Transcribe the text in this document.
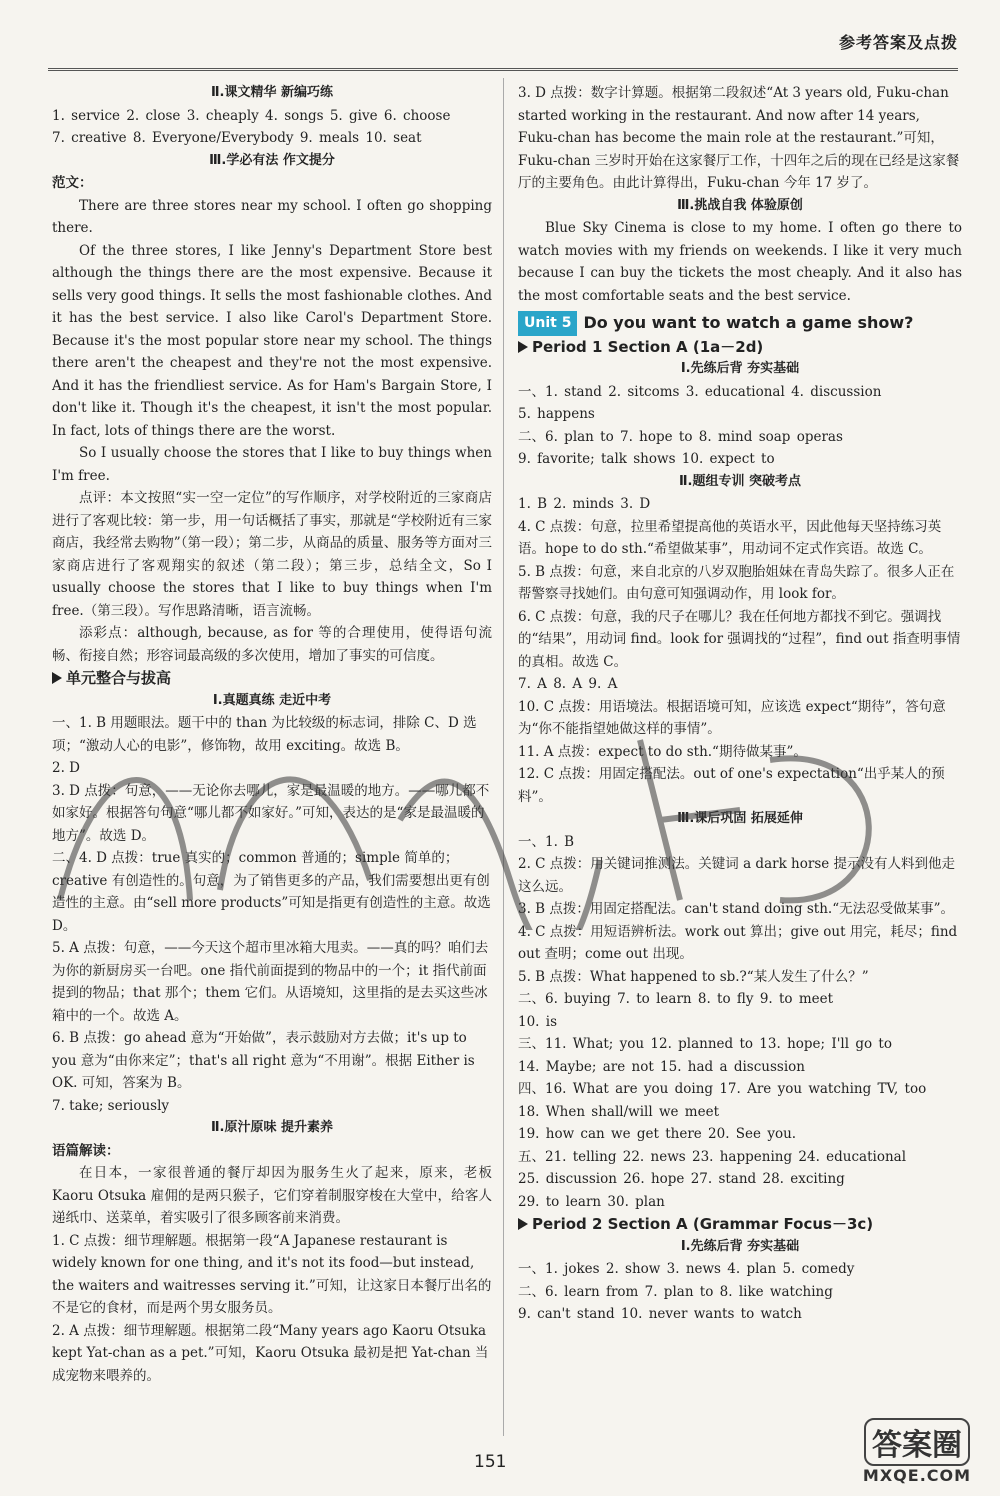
参考答案及点拨
Ⅱ.课文精华 新编巧练
1. service 2. close 3. cheaply 4. songs 5. give 6. choose
7. creative 8. Everyone/Everybody 9. meals 10. seat
Ⅲ.学必有法 作文提分
范文：
There are three stores near my school. I often go shopping there.
Of the three stores, I like Jenny's Department Store best although the things there are the most expensive. Because it sells very good things. It sells the most fashionable clothes. And it has the best service. I also like Carol's Department Store. Because it's the most popular store near my school. The things there aren't the cheapest and they're not the most expensive. And it has the friendliest service. As for Ham's Bargain Store, I don't like it. Though it's the cheapest, it isn't the most popular. In fact, lots of things there are the worst.
So I usually choose the stores that I like to buy things when I'm free.
点评：本文按照“实一空一定位”的写作顺序，对学校附近的三家商店进行了客观比较：第一步，用一句话概括了事实，那就是“学校附近有三家商店，我经常去购物”（第一段）；第二步，从商品的质量、服务等方面对三家商店进行了客观翔实的叙述（第二段）；第三步，总结全文，So I usually choose the stores that I like to buy things when I'm free.（第三段）。写作思路清晰，语言流畅。
添彩点：although, because, as for 等的合理使用，使得语句流畅、衔接自然；形容词最高级的多次使用，增加了事实的可信度。
单元整合与拔高
Ⅰ.真题真练 走近中考
一、1. B 用题眼法。题干中的 than 为比较级的标志词，排除 C、D 选项；“激动人心的电影”，修饰物，故用 exciting。故选 B。
2. D
3. D 点拨：句意，——无论你去哪儿，家是最温暖的地方。——哪儿都不如家好。根据答句句意“哪儿都不如家好。”可知，表达的是“家是最温暖的地方”。故选 D。
二、4. D 点拨：true 真实的；common 普通的；simple 简单的；creative 有创造性的。句意，为了销售更多的产品，我们需要想出更有创造性的主意。由“sell more products”可知是指更有创造性的主意。故选 D。
5. A 点拨：句意，——今天这个超市里冰箱大甩卖。——真的吗？咱们去为你的新厨房买一台吧。one 指代前面提到的物品中的一个；it 指代前面提到的物品；that 那个；them 它们。从语境知，这里指的是去买这些冰箱中的一个。故选 A。
6. B 点拨：go ahead 意为“开始做”，表示鼓励对方去做；it's up to you 意为“由你来定”；that's all right 意为“不用谢”。根据 Either is OK. 可知，答案为 B。
7. take; seriously
Ⅱ.原汁原味 提升素养
语篇解读：
在日本，一家很普通的餐厅却因为服务生火了起来，原来，老板 Kaoru Otsuka 雇佣的是两只猴子，它们穿着制服穿梭在大堂中，给客人递纸巾、送菜单，着实吸引了很多顾客前来消费。
1. C 点拨：细节理解题。根据第一段“A Japanese restaurant is widely known for one thing, and it's not its food—but instead, the waiters and waitresses serving it.”可知，让这家日本餐厅出名的不是它的食材，而是两个男女服务员。
2. A 点拨：细节理解题。根据第二段“Many years ago Kaoru Otsuka kept Yat-chan as a pet.”可知，Kaoru Otsuka 最初是把 Yat-chan 当成宠物来喂养的。
3. D 点拨：数字计算题。根据第二段叙述“At 3 years old, Fuku-chan started working in the restaurant. And now after 14 years, Fuku-chan has become the main role at the restaurant.”可知，Fuku-chan 三岁时开始在这家餐厅工作，十四年之后的现在已经是这家餐厅的主要角色。由此计算得出，Fuku-chan 今年 17 岁了。
Ⅲ.挑战自我 体验原创
Blue Sky Cinema is close to my home. I often go there to watch movies with my friends on weekends. I like it very much because I can buy the tickets the most cheaply. And it also has the most comfortable seats and the best service.
Unit 5 Do you want to watch a game show?
Period 1 Section A (1a－2d)
Ⅰ.先练后背 夯实基础
一、1. stand 2. sitcoms 3. educational 4. discussion
5. happens
二、6. plan to 7. hope to 8. mind soap operas
9. favorite; talk shows 10. expect to
Ⅱ.题组专训 突破考点
1. B 2. minds 3. D
4. C 点拨：句意，拉里希望提高他的英语水平，因此他每天坚持练习英语。hope to do sth.“希望做某事”，用动词不定式作宾语。故选 C。
5. B 点拨：句意，来自北京的八岁双胞胎姐妹在青岛失踪了。很多人正在帮警察寻找她们。由句意可知强调动作，用 look for。
6. C 点拨：句意，我的尺子在哪儿？我在任何地方都找不到它。强调找的“结果”，用动词 find。look for 强调找的“过程”，find out 指查明事情的真相。故选 C。
7. A 8. A 9. A
10. C 点拨：用语境法。根据语境可知，应该选 expect“期待”，答句意为“你不能指望她做这样的事情”。
11. A 点拨：expect to do sth.“期待做某事”。
12. C 点拨：用固定搭配法。out of one's expectation“出乎某人的预料”。
Ⅲ.课后巩固 拓展延伸
一、1. B
2. C 点拨：用关键词推测法。关键词 a dark horse 提示没有人料到他走这么远。
3. B 点拨：用固定搭配法。can't stand doing sth.“无法忍受做某事”。
4. C 点拨：用短语辨析法。work out 算出；give out 用完，耗尽；find out 查明；come out 出现。
5. B 点拨：What happened to sb.?“某人发生了什么？”
二、6. buying 7. to learn 8. to fly 9. to meet
10. is
三、11. What; you 12. planned to 13. hope; I'll go to
14. Maybe; are not 15. had a discussion
四、16. What are you doing 17. Are you watching TV, too
18. When shall/will we meet
19. how can we get there 20. See you.
五、21. telling 22. news 23. happening 24. educational
25. discussion 26. hope 27. stand 28. exciting
29. to learn 30. plan
Period 2 Section A (Grammar Focus－3c)
Ⅰ.先练后背 夯实基础
一、1. jokes 2. show 3. news 4. plan 5. comedy
二、6. learn from 7. plan to 8. like watching
9. can't stand 10. never wants to watch
151	答案圈
MXQE.COM
